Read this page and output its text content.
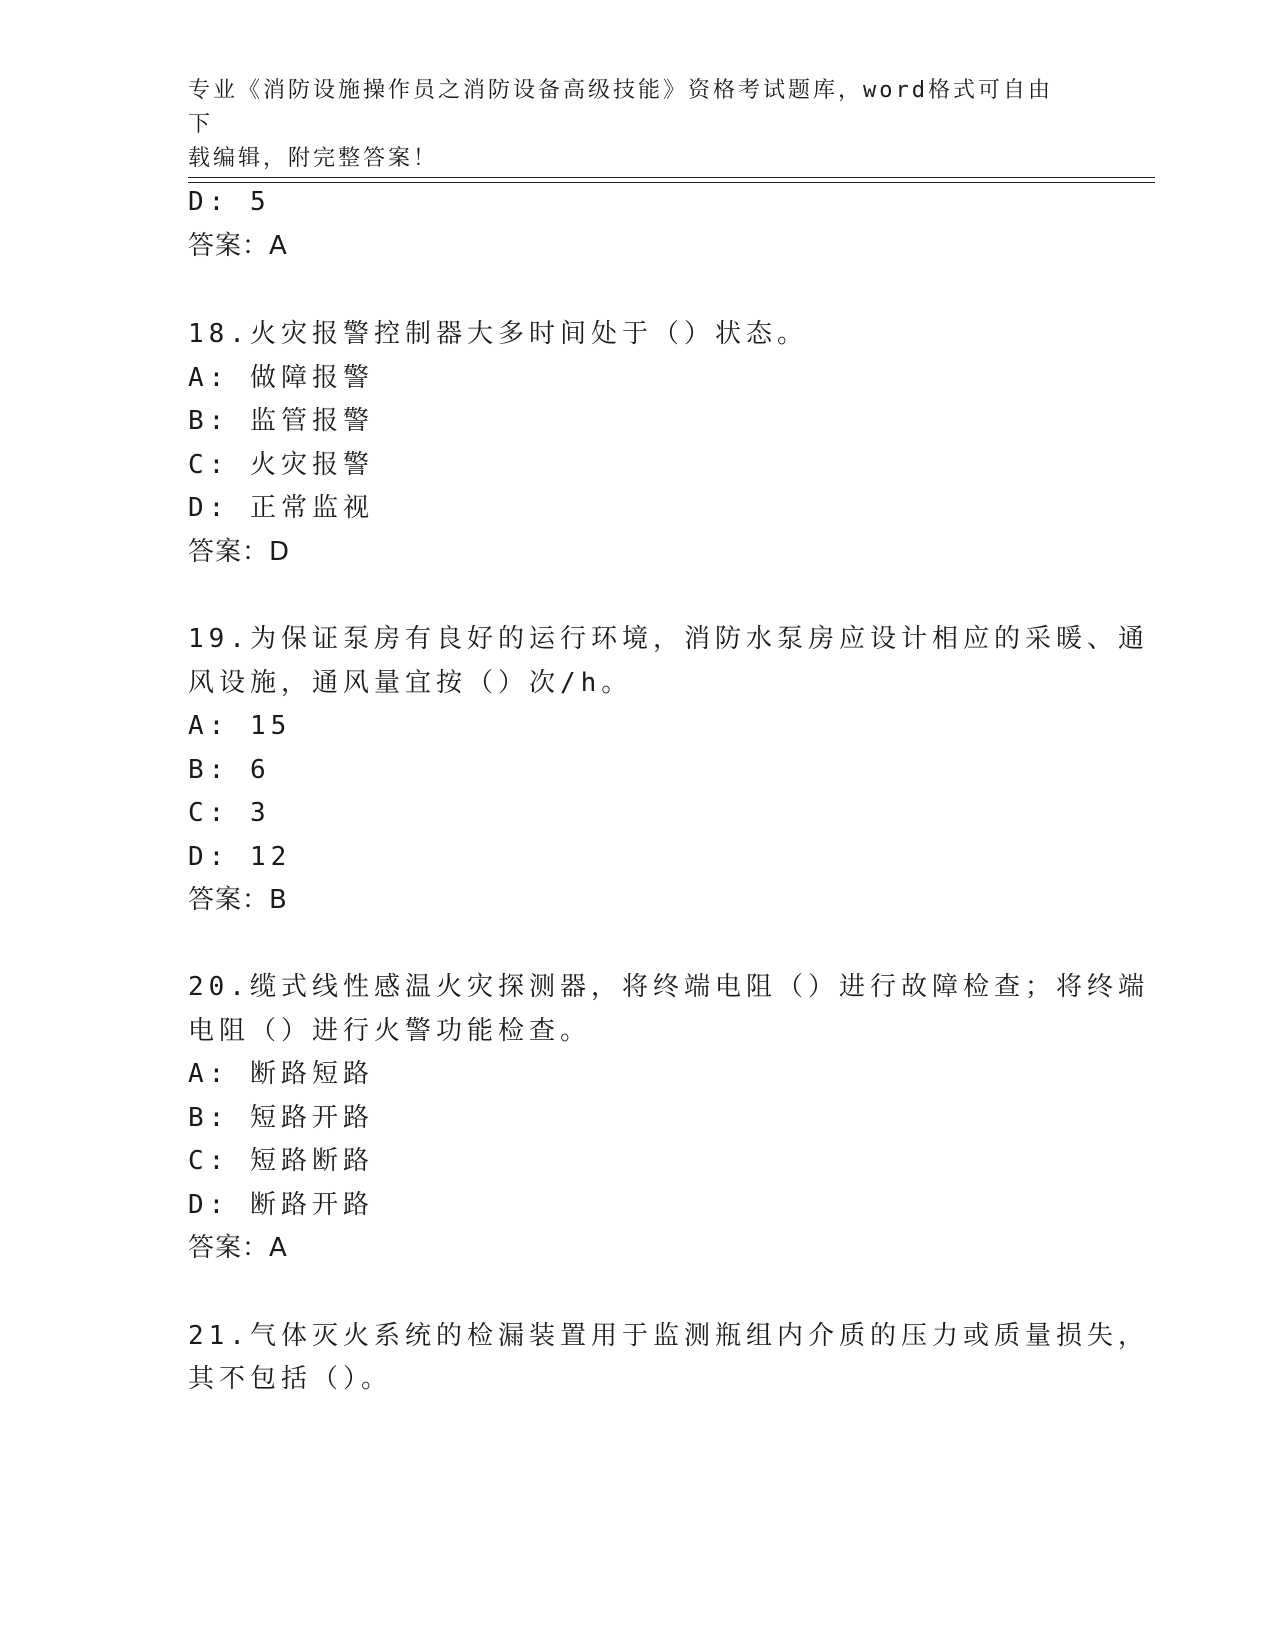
专业《消防设施操作员之消防设备高级技能》资格考试题库，word格式可自由下
载编辑，附完整答案！
D: 5
答案：A
18.火灾报警控制器大多时间处于（）状态。
A: 做障报警
B: 监管报警
C: 火灾报警
D: 正常监视
答案：D
19.为保证泵房有良好的运行环境，消防水泵房应设计相应的采暖、通
风设施，通风量宜按（）次/h。
A: 15
B: 6
C: 3
D: 12
答案：B
20.缆式线性感温火灾探测器，将终端电阻（）进行故障检查；将终端
电阻（）进行火警功能检查。
A: 断路短路
B: 短路开路
C: 短路断路
D: 断路开路
答案：A
21.气体灭火系统的检漏装置用于监测瓶组内介质的压力或质量损失，
其不包括（）。
